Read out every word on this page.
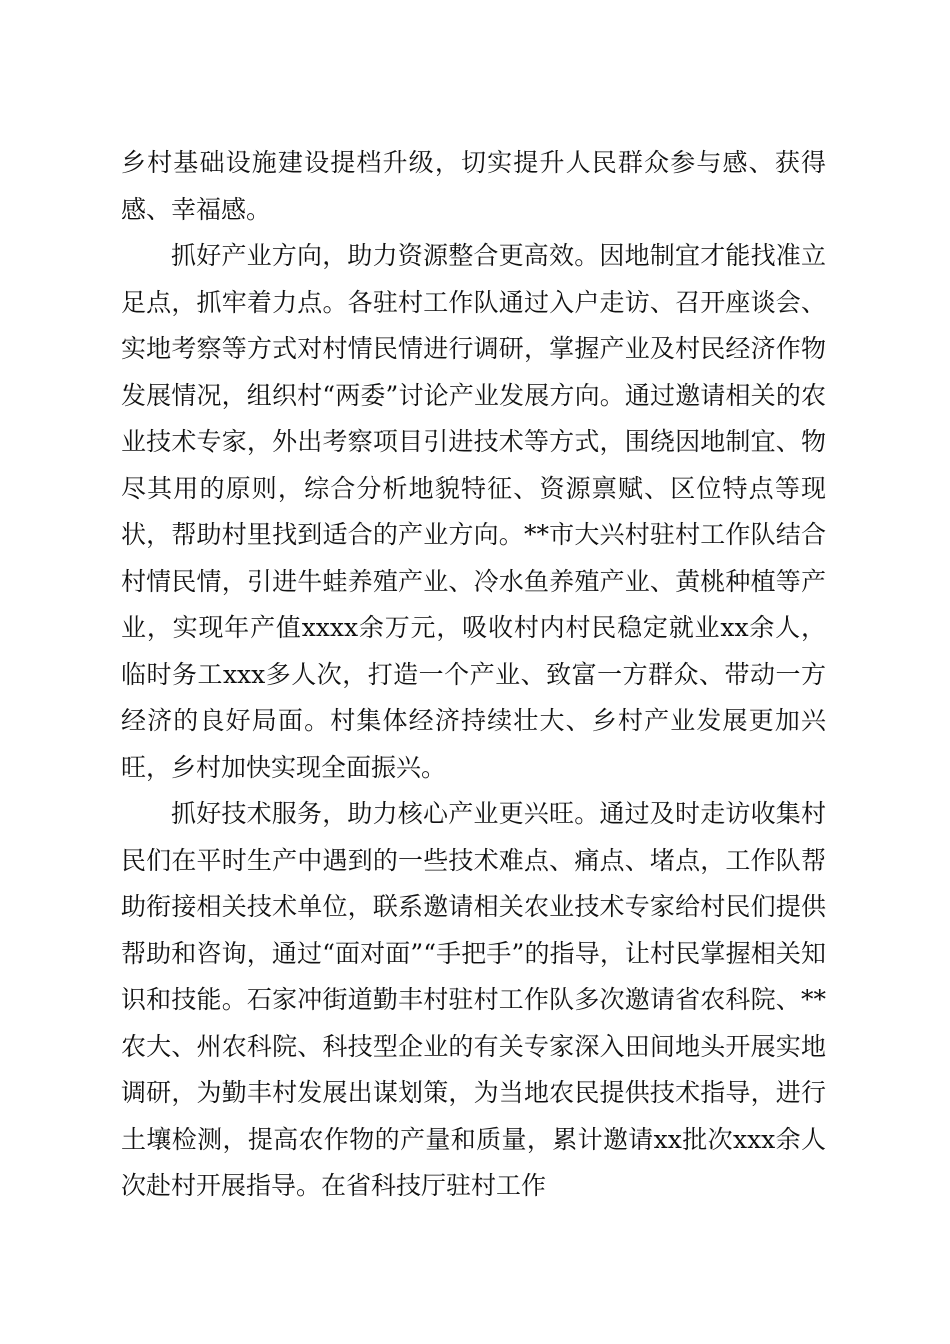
乡村基础设施建设提档升级，切实提升人民群众参与感、获得感、幸福感。

抓好产业方向，助力资源整合更高效。因地制宜才能找准立足点，抓牢着力点。各驻村工作队通过入户走访、召开座谈会、实地考察等方式对村情民情进行调研，掌握产业及村民经济作物发展情况，组织村“两委”讨论产业发展方向。通过邀请相关的农业技术专家，外出考察项目引进技术等方式，围绕因地制宜、物尽其用的原则，综合分析地貌特征、资源禀赋、区位特点等现状，帮助村里找到适合的产业方向。**市大兴村驻村工作队结合村情民情，引进牛蛙养殖产业、冷水鱼养殖产业、黄桃种植等产业，实现年产值xxxx余万元，吸收村内村民稳定就业xx余人，临时务工xxx多人次，打造一个产业、致富一方群众、带动一方经济的良好局面。村集体经济持续壮大、乡村产业发展更加兴旺，乡村加快实现全面振兴。

抓好技术服务，助力核心产业更兴旺。通过及时走访收集村民们在平时生产中遇到的一些技术难点、痛点、堵点，工作队帮助衔接相关技术单位，联系邀请相关农业技术专家给村民们提供帮助和咨询，通过“面对面”“手把手”的指导，让村民掌握相关知识和技能。石家冲街道勤丰村驻村工作队多次邀请省农科院、**农大、州农科院、科技型企业的有关专家深入田间地头开展实地调研，为勤丰村发展出谋划策，为当地农民提供技术指导，进行土壤检测，提高农作物的产量和质量，累计邀请xx批次xxx余人次赴村开展指导。在省科技厅驻村工作
